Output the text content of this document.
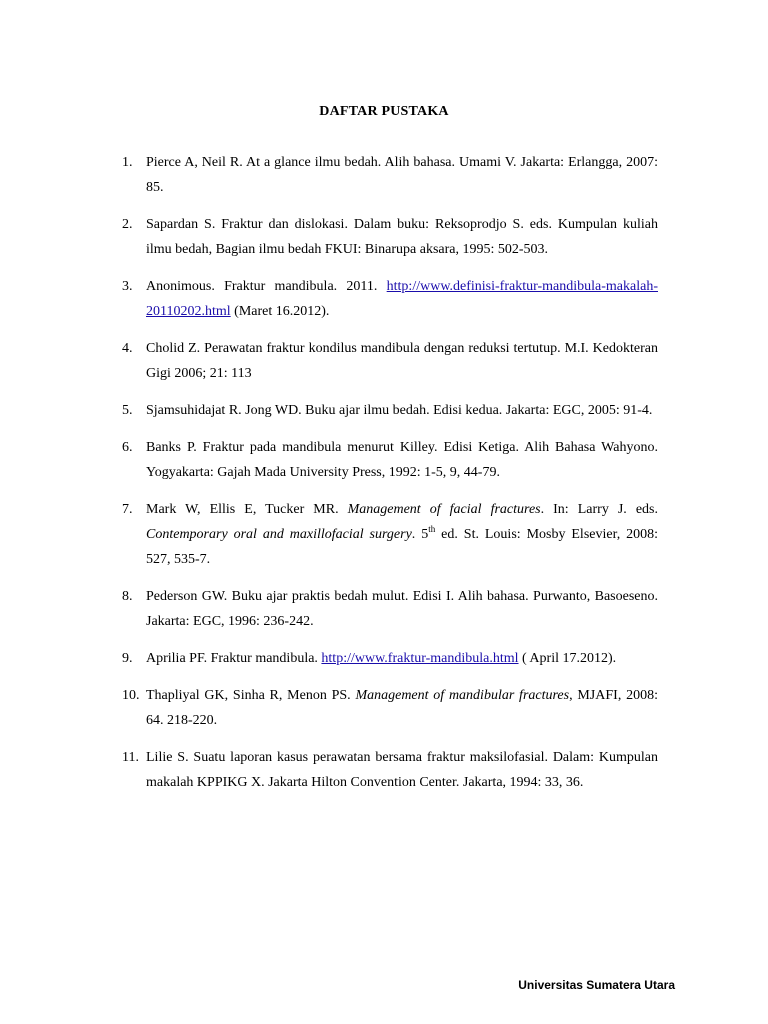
DAFTAR PUSTAKA
1. Pierce A, Neil R. At a glance ilmu bedah. Alih bahasa. Umami V. Jakarta: Erlangga, 2007: 85.
2. Sapardan S. Fraktur dan dislokasi. Dalam buku: Reksoprodjo S. eds. Kumpulan kuliah ilmu bedah, Bagian ilmu bedah FKUI: Binarupa aksara, 1995: 502-503.
3. Anonimous. Fraktur mandibula. 2011. http://www.definisi-fraktur-mandibula-makalah-20110202.html (Maret 16.2012).
4. Cholid Z. Perawatan fraktur kondilus mandibula dengan reduksi tertutup. M.I. Kedokteran Gigi 2006; 21: 113
5. Sjamsuhidajat R. Jong WD. Buku ajar ilmu bedah. Edisi kedua. Jakarta: EGC, 2005: 91-4.
6. Banks P. Fraktur pada mandibula menurut Killey. Edisi Ketiga. Alih Bahasa Wahyono. Yogyakarta: Gajah Mada University Press, 1992: 1-5, 9, 44-79.
7. Mark W, Ellis E, Tucker MR. Management of facial fractures. In: Larry J. eds. Contemporary oral and maxillofacial surgery. 5th ed. St. Louis: Mosby Elsevier, 2008: 527, 535-7.
8. Pederson GW. Buku ajar praktis bedah mulut. Edisi I. Alih bahasa. Purwanto, Basoeseno. Jakarta: EGC, 1996: 236-242.
9. Aprilia PF. Fraktur mandibula. http://www.fraktur-mandibula.html ( April 17.2012).
10. Thapliyal GK, Sinha R, Menon PS. Management of mandibular fractures, MJAFI, 2008: 64. 218-220.
11. Lilie S. Suatu laporan kasus perawatan bersama fraktur maksilofasial. Dalam: Kumpulan makalah KPPIKG X. Jakarta Hilton Convention Center. Jakarta, 1994: 33, 36.
Universitas Sumatera Utara
